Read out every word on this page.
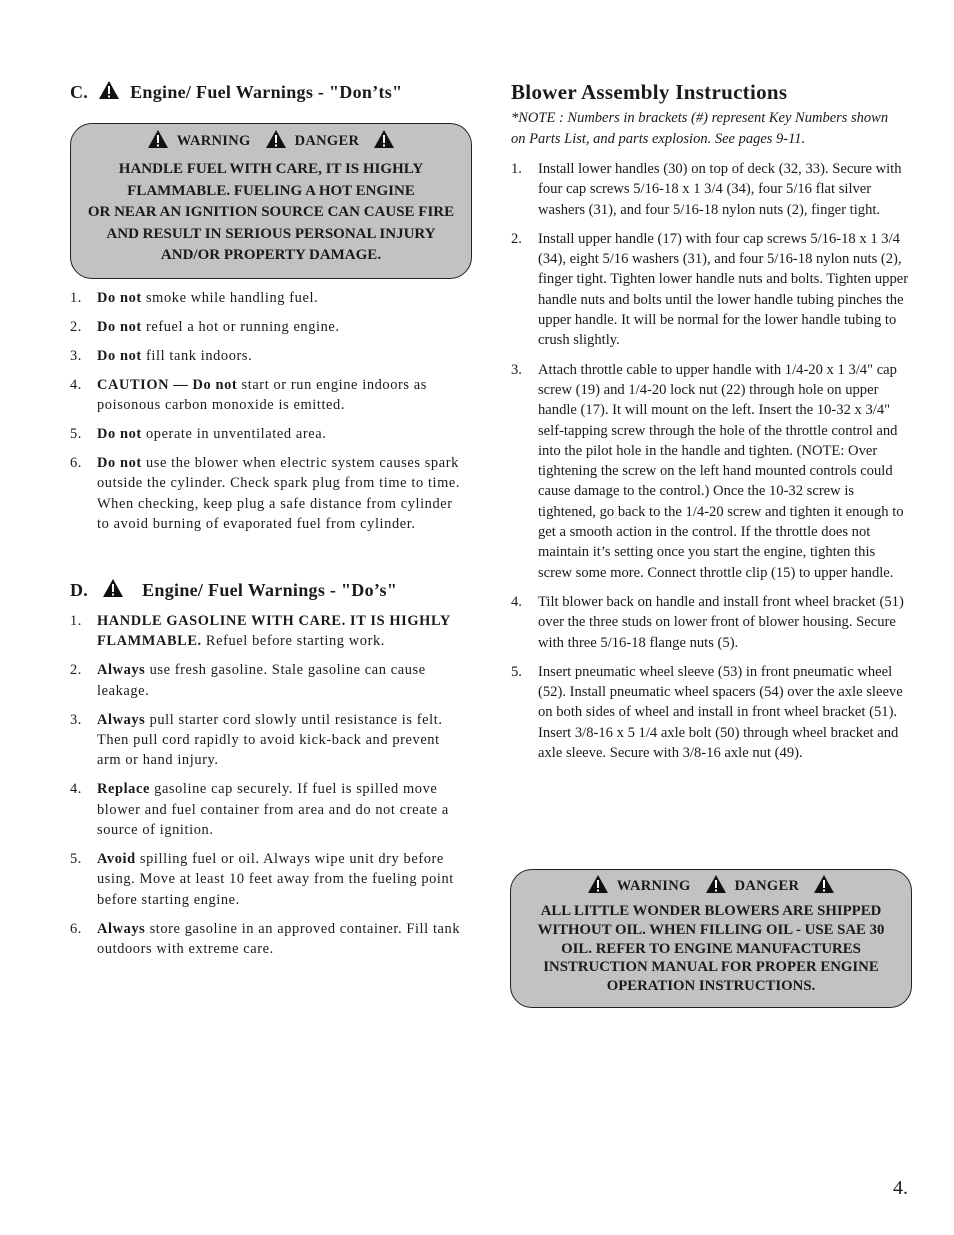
C. Engine/ Fuel Warnings - "Don’ts"
WARNING	DANGER
HANDLE FUEL WITH CARE, IT IS HIGHLY
FLAMMABLE. FUELING A HOT ENGINE
OR NEAR AN IGNITION SOURCE CAN CAUSE FIRE
AND RESULT IN SERIOUS PERSONAL INJURY
AND/OR PROPERTY DAMAGE.
1. Do not smoke while handling fuel.
2. Do not refuel a hot or running engine.
3. Do not fill tank indoors.
4. CAUTION — Do not start or run engine indoors as poisonous carbon monoxide is emitted.
5. Do not operate in unventilated area.
6. Do not use the blower when electric system causes spark outside the cylinder. Check spark plug from time to time. When checking, keep plug a safe distance from cylinder to avoid burning of evaporated fuel from cylinder.
D.	Engine/ Fuel Warnings - "Do’s"
1. HANDLE GASOLINE WITH CARE. IT IS HIGHLY FLAMMABLE. Refuel before starting work.
2. Always use fresh gasoline. Stale gasoline can cause leakage.
3. Always pull starter cord slowly until resistance is felt. Then pull cord rapidly to avoid kick-back and prevent arm or hand injury.
4. Replace gasoline cap securely. If fuel is spilled move blower and fuel container from area and do not create a source of ignition.
5. Avoid spilling fuel or oil. Always wipe unit dry before using. Move at least 10 feet away from the fueling point before starting engine.
6. Always store gasoline in an approved container. Fill tank outdoors with extreme care.
Blower Assembly Instructions
*NOTE : Numbers in brackets (#) represent Key Numbers shown on Parts List, and parts explosion. See pages 9-11.
1. Install lower handles (30) on top of deck (32, 33). Secure with four cap screws 5/16-18 x 1 3/4 (34), four 5/16 flat silver washers (31), and four 5/16-18 nylon nuts (2), finger tight.
2. Install upper handle (17) with four cap screws 5/16-18 x 1 3/4 (34), eight 5/16 washers (31), and four 5/16-18 nylon nuts (2), finger tight. Tighten lower handle nuts and bolts. Tighten upper handle nuts and bolts until the lower handle tubing pinches the upper handle. It will be normal for the lower handle tubing to crush slightly.
3. Attach throttle cable to upper handle with 1/4-20 x 1 3/4" cap screw (19) and 1/4-20 lock nut (22) through hole on upper handle (17). It will mount on the left. Insert the 10-32 x 3/4" self-tapping screw through the hole of the throttle control and into the pilot hole in the handle and tighten. (NOTE: Over tightening the screw on the left hand mounted controls could cause damage to the control.) Once the 10-32 screw is tightened, go back to the 1/4-20 screw and tighten it enough to get a smooth action in the control. If the throttle does not maintain it’s setting once you start the engine, tighten this screw some more. Connect throttle clip (15) to upper handle.
4. Tilt blower back on handle and install front wheel bracket (51) over the three studs on lower front of blower housing. Secure with three 5/16-18 flange nuts (5).
5. Insert pneumatic wheel sleeve (53) in front pneumatic wheel (52). Install pneumatic wheel spacers (54) over the axle sleeve on both sides of wheel and install in front wheel bracket (51). Insert 3/8-16 x 5 1/4 axle bolt (50) through wheel bracket and axle sleeve. Secure with 3/8-16 axle nut (49).
WARNING	DANGER
ALL LITTLE WONDER BLOWERS ARE SHIPPED
WITHOUT OIL. WHEN FILLING OIL - USE SAE 30
OIL. REFER TO ENGINE MANUFACTURES
INSTRUCTION MANUAL FOR PROPER ENGINE
OPERATION INSTRUCTIONS.
4.
